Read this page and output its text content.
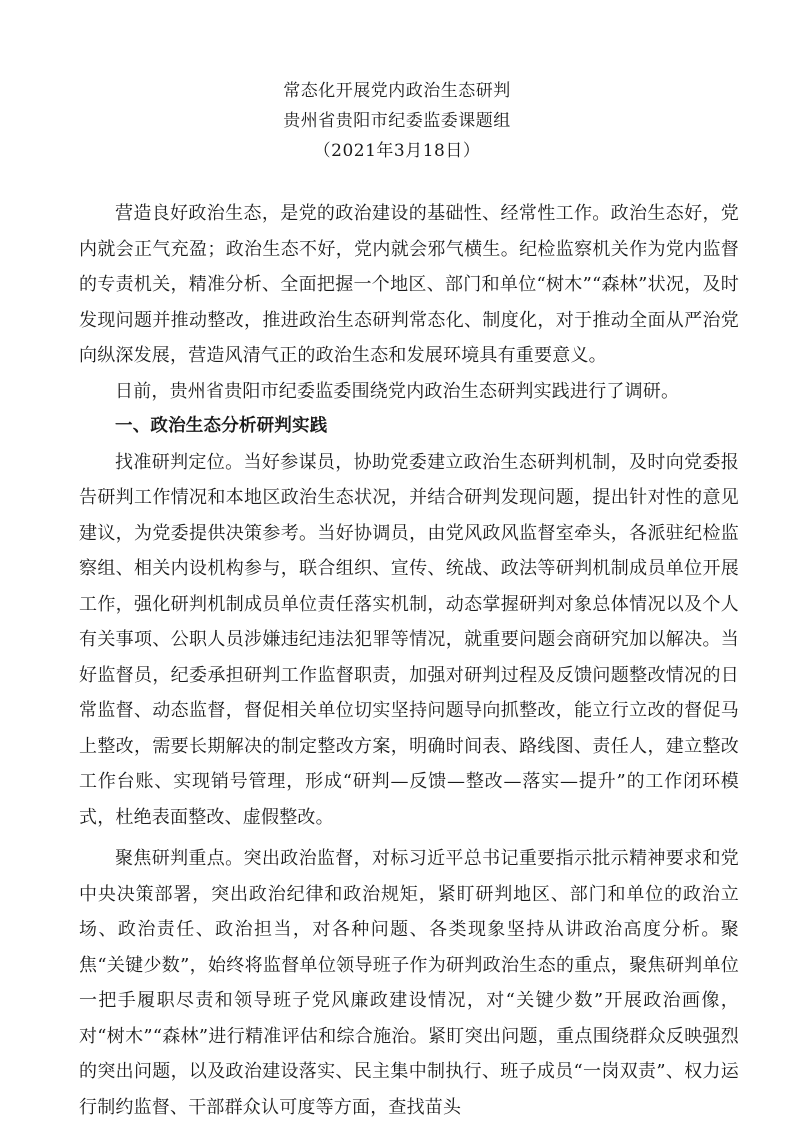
常态化开展党内政治生态研判
贵州省贵阳市纪委监委课题组
（2021年3月18日）

营造良好政治生态，是党的政治建设的基础性、经常性工作。政治生态好，党内就会正气充盈；政治生态不好，党内就会邪气横生。纪检监察机关作为党内监督的专责机关，精准分析、全面把握一个地区、部门和单位“树木”“森林”状况，及时发现问题并推动整改，推进政治生态研判常态化、制度化，对于推动全面从严治党向纵深发展，营造风清气正的政治生态和发展环境具有重要意义。

日前，贵州省贵阳市纪委监委围绕党内政治生态研判实践进行了调研。

一、政治生态分析研判实践

找准研判定位。当好参谋员，协助党委建立政治生态研判机制，及时向党委报告研判工作情况和本地区政治生态状况，并结合研判发现问题，提出针对性的意见建议，为党委提供决策参考。当好协调员，由党风政风监督室牵头，各派驻纪检监察组、相关内设机构参与，联合组织、宣传、统战、政法等研判机制成员单位开展工作，强化研判机制成员单位责任落实机制，动态掌握研判对象总体情况以及个人有关事项、公职人员涉嫌违纪违法犯罪等情况，就重要问题会商研究加以解决。当好监督员，纪委承担研判工作监督职责，加强对研判过程及反馈问题整改情况的日常监督、动态监督，督促相关单位切实坚持问题导向抓整改，能立行立改的督促马上整改，需要长期解决的制定整改方案，明确时间表、路线图、责任人，建立整改工作台账、实现销号管理，形成“研判—反馈—整改—落实—提升”的工作闭环模式，杜绝表面整改、虚假整改。

聚焦研判重点。突出政治监督，对标习近平总书记重要指示批示精神要求和党中央决策部署，突出政治纪律和政治规矩，紧盯研判地区、部门和单位的政治立场、政治责任、政治担当，对各种问题、各类现象坚持从讲政治高度分析。聚焦“关键少数”，始终将监督单位领导班子作为研判政治生态的重点，聚焦研判单位一把手履职尽责和领导班子党风廉政建设情况，对“关键少数”开展政治画像，对“树木”“森林”进行精准评估和综合施治。紧盯突出问题，重点围绕群众反映强烈的突出问题，以及政治建设落实、民主集中制执行、班子成员“一岗双责”、权力运行制约监督、干部群众认可度等方面，查找苗头
